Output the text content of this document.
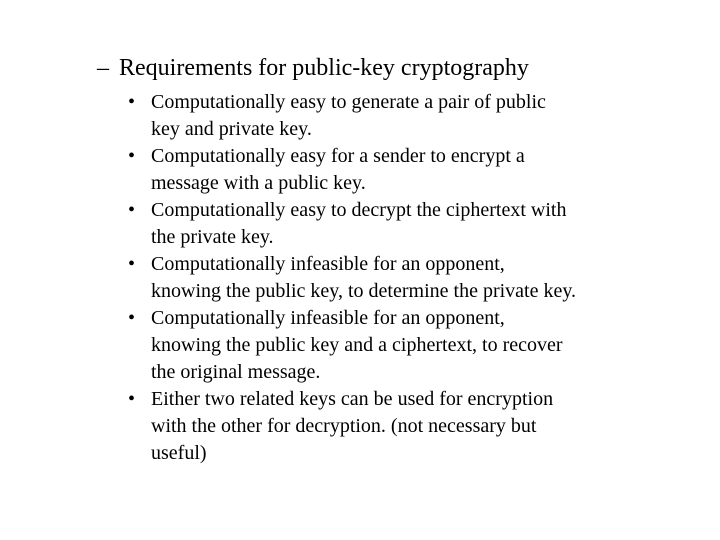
– Requirements for public-key cryptography
• Computationally easy to generate a pair of public
key and private key.
• Computationally easy for a sender to encrypt a
message with a public key.
• Computationally easy to decrypt the ciphertext with
the private key.
• Computationally infeasible for an opponent,
knowing the public key, to determine the private key.
• Computationally infeasible for an opponent,
knowing the public key and a ciphertext, to recover
the original message.
• Either two related keys can be used for encryption
with the other for decryption. (not necessary but
useful)
